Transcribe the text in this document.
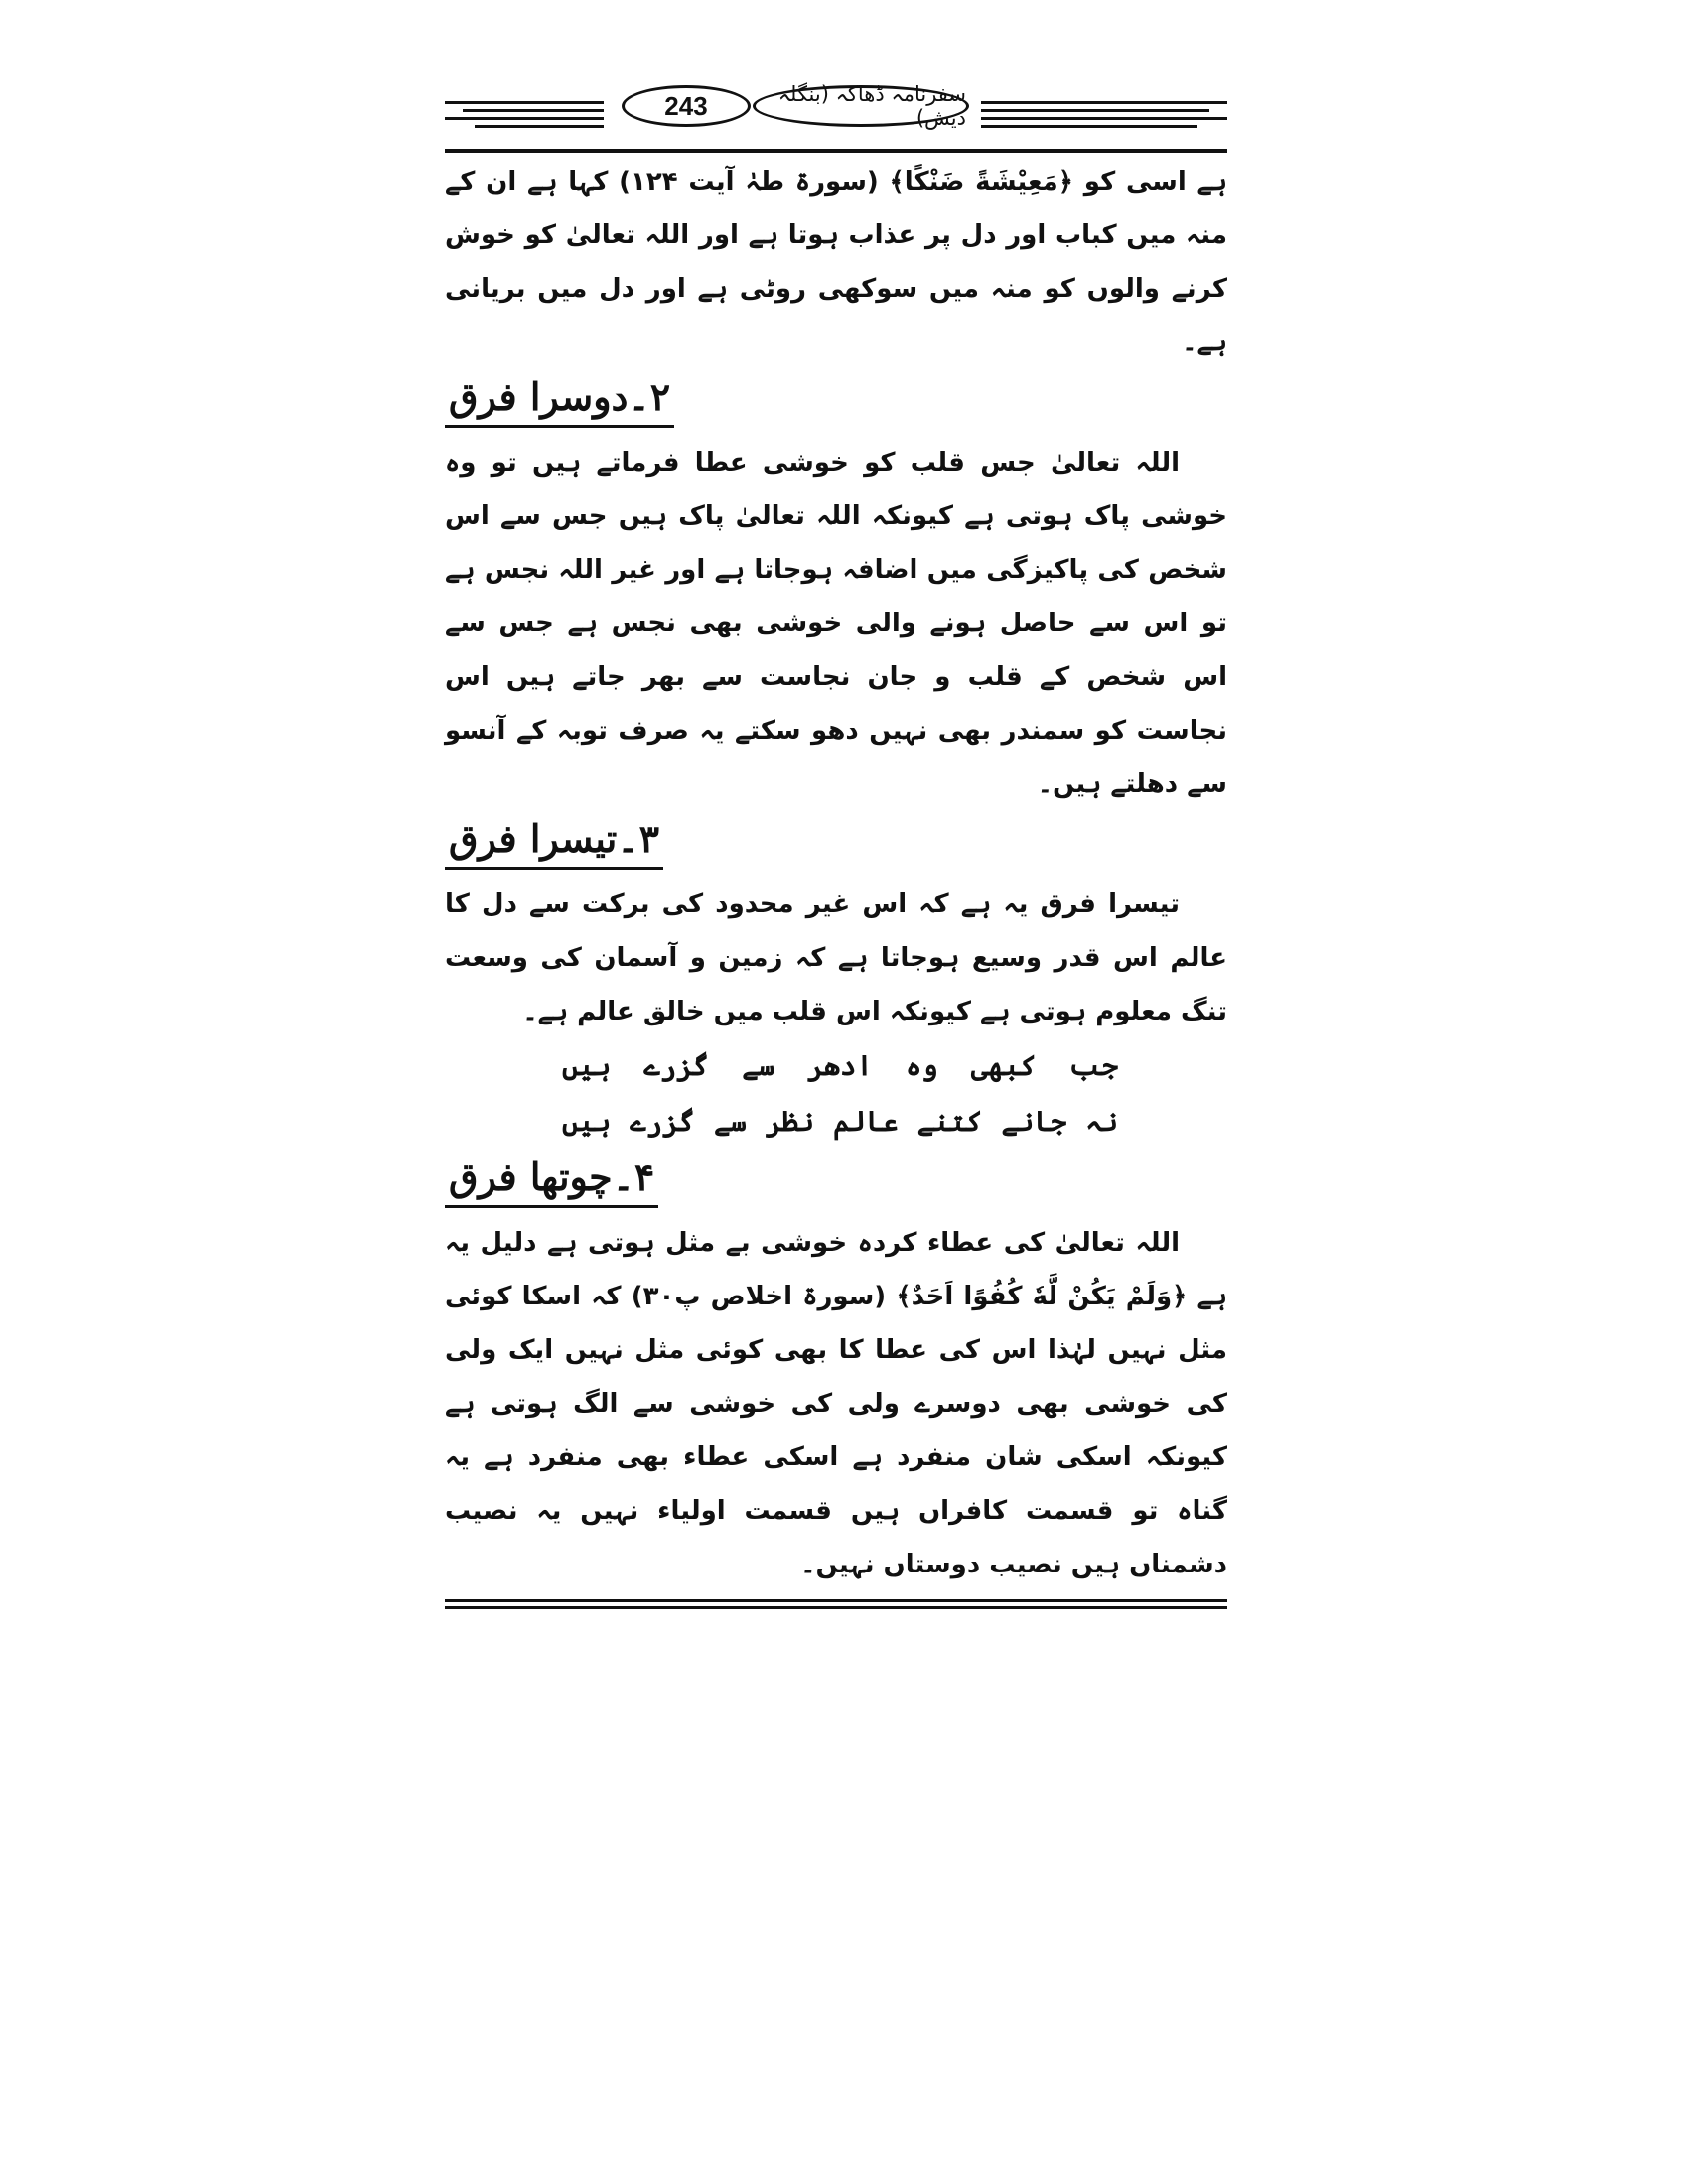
243	سفرنامہ ڈھاکہ (بنگلہ دیش)

ہے اسی کو ﴿مَعِيْشَةً ضَنْكًا﴾ (سورۃ طہٰ آیت ۱۲۴) کہا ہے ان کے منہ میں کباب اور دل پر عذاب ہوتا ہے اور اللہ تعالیٰ کو خوش کرنے والوں کو منہ میں سوکھی روٹی ہے اور دل میں بریانی ہے۔

۲۔دوسرا فرق

اللہ تعالیٰ جس قلب کو خوشی عطا فرماتے ہیں تو وہ خوشی پاک ہوتی ہے کیونکہ اللہ تعالیٰ پاک ہیں جس سے اس شخص کی پاکیزگی میں اضافہ ہوجاتا ہے اور غیر اللہ نجس ہے تو اس سے حاصل ہونے والی خوشی بھی نجس ہے جس سے اس شخص کے قلب و جان نجاست سے بھر جاتے ہیں اس نجاست کو سمندر بھی نہیں دھو سکتے یہ صرف توبہ کے آنسو سے دھلتے ہیں۔

۳۔تیسرا فرق

تیسرا فرق یہ ہے کہ اس غیر محدود کی برکت سے دل کا عالم اس قدر وسیع ہوجاتا ہے کہ زمین و آسمان کی وسعت تنگ معلوم ہوتی ہے کیونکہ اس قلب میں خالق عالم ہے۔

جب کبھی وہ ادھر سے گزرے ہیں
نہ جانے کتنے عالم نظر سے گزرے ہیں
۴۔چوتھا فرق

اللہ تعالیٰ کی عطاء کردہ خوشی بے مثل ہوتی ہے دلیل یہ ہے ﴿وَلَمْ يَكُنْ لَّهٗ كُفُوًا اَحَدٌ﴾ (سورۃ اخلاص پ۳۰) کہ اسکا کوئی مثل نہیں لہٰذا اس کی عطا کا بھی کوئی مثل نہیں ایک ولی کی خوشی بھی دوسرے ولی کی خوشی سے الگ ہوتی ہے کیونکہ اسکی شان منفرد ہے اسکی عطاء بھی منفرد ہے یہ گناہ تو قسمت کافراں ہیں قسمت اولیاء نہیں یہ نصیب دشمناں ہیں نصیب دوستاں نہیں۔
